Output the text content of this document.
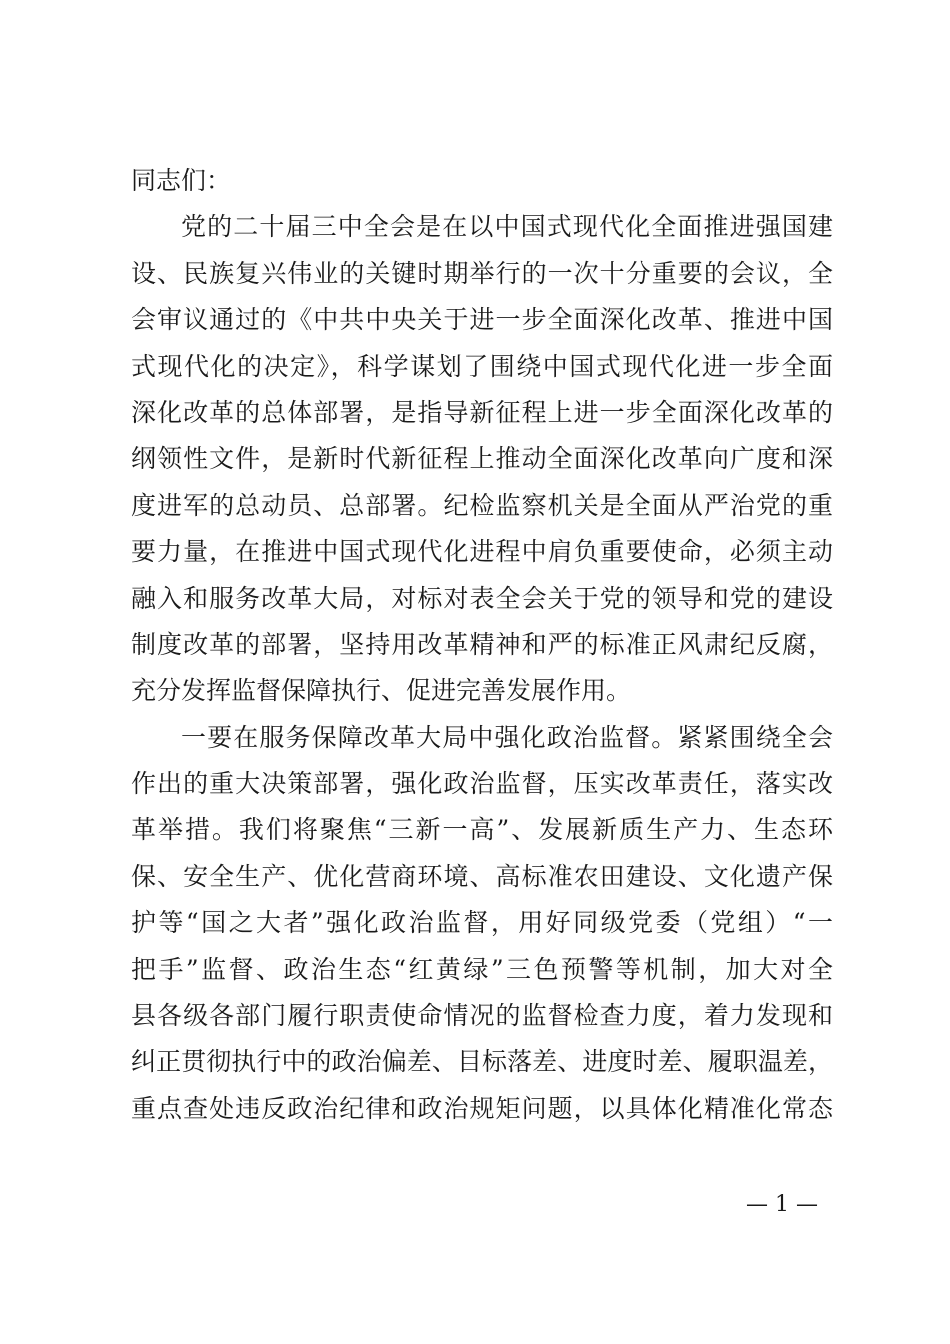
同志们：
党的二十届三中全会是在以中国式现代化全面推进强国建
设、民族复兴伟业的关键时期举行的一次十分重要的会议，全
会审议通过的《中共中央关于进一步全面深化改革、推进中国
式现代化的决定》，科学谋划了围绕中国式现代化进一步全面
深化改革的总体部署，是指导新征程上进一步全面深化改革的
纲领性文件，是新时代新征程上推动全面深化改革向广度和深
度进军的总动员、总部署。纪检监察机关是全面从严治党的重
要力量，在推进中国式现代化进程中肩负重要使命，必须主动
融入和服务改革大局，对标对表全会关于党的领导和党的建设
制度改革的部署，坚持用改革精神和严的标准正风肃纪反腐，
充分发挥监督保障执行、促进完善发展作用。
一要在服务保障改革大局中强化政治监督。紧紧围绕全会
作出的重大决策部署，强化政治监督，压实改革责任，落实改
革举措。我们将聚焦“三新一高”、发展新质生产力、生态环
保、安全生产、优化营商环境、高标准农田建设、文化遗产保
护等“国之大者”强化政治监督，用好同级党委（党组）“一
把手”监督、政治生态“红黄绿”三色预警等机制，加大对全
县各级各部门履行职责使命情况的监督检查力度，着力发现和
纠正贯彻执行中的政治偏差、目标落差、进度时差、履职温差，
重点查处违反政治纪律和政治规矩问题，以具体化精准化常态
— 1 —
